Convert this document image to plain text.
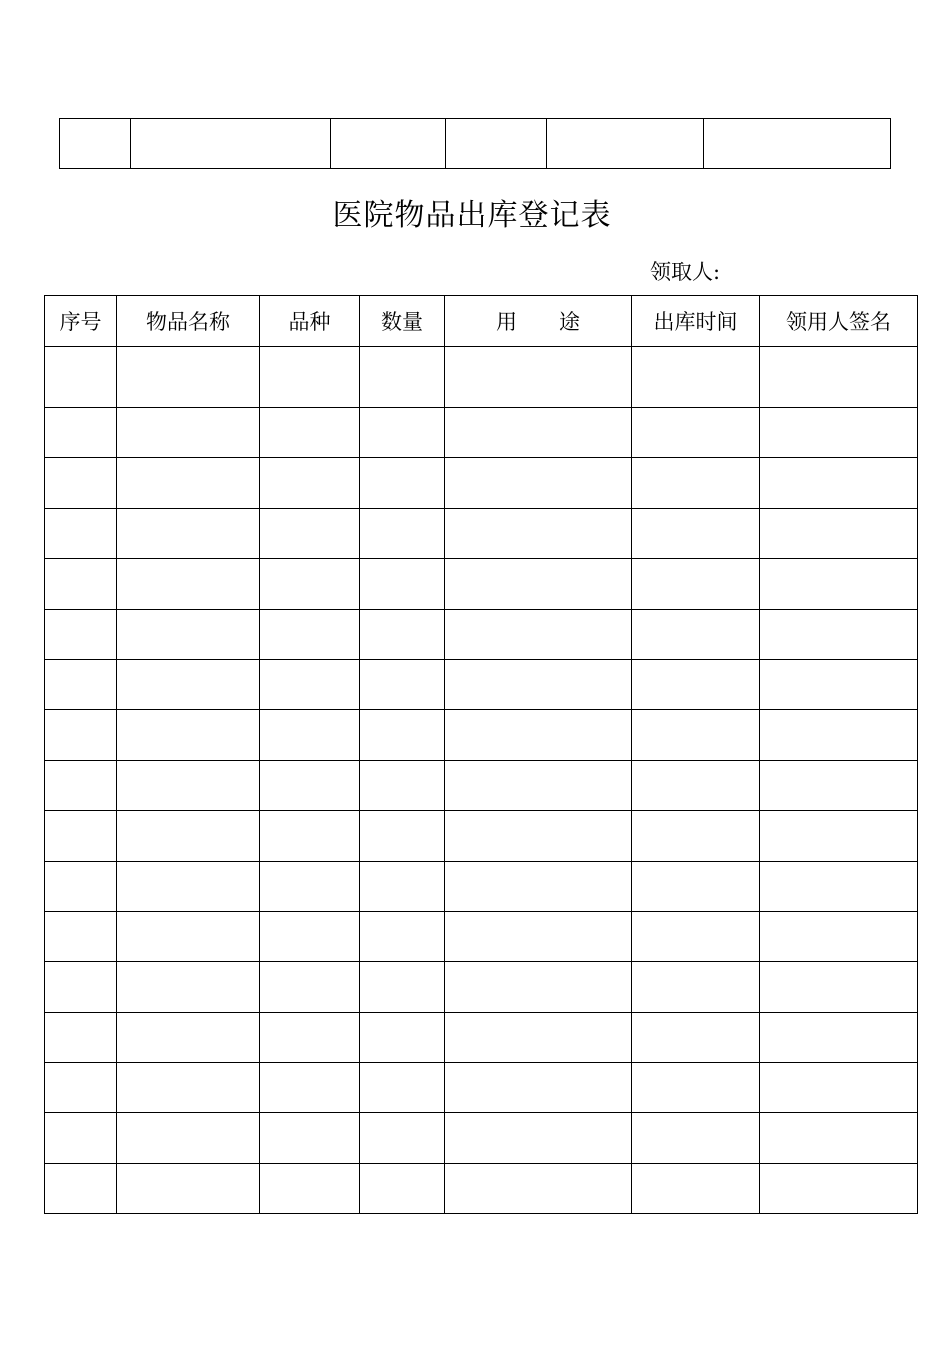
医院物品出库登记表
领取人:
序号	物品名称	品种	数量	用　　途	出库时间	领用人签名
